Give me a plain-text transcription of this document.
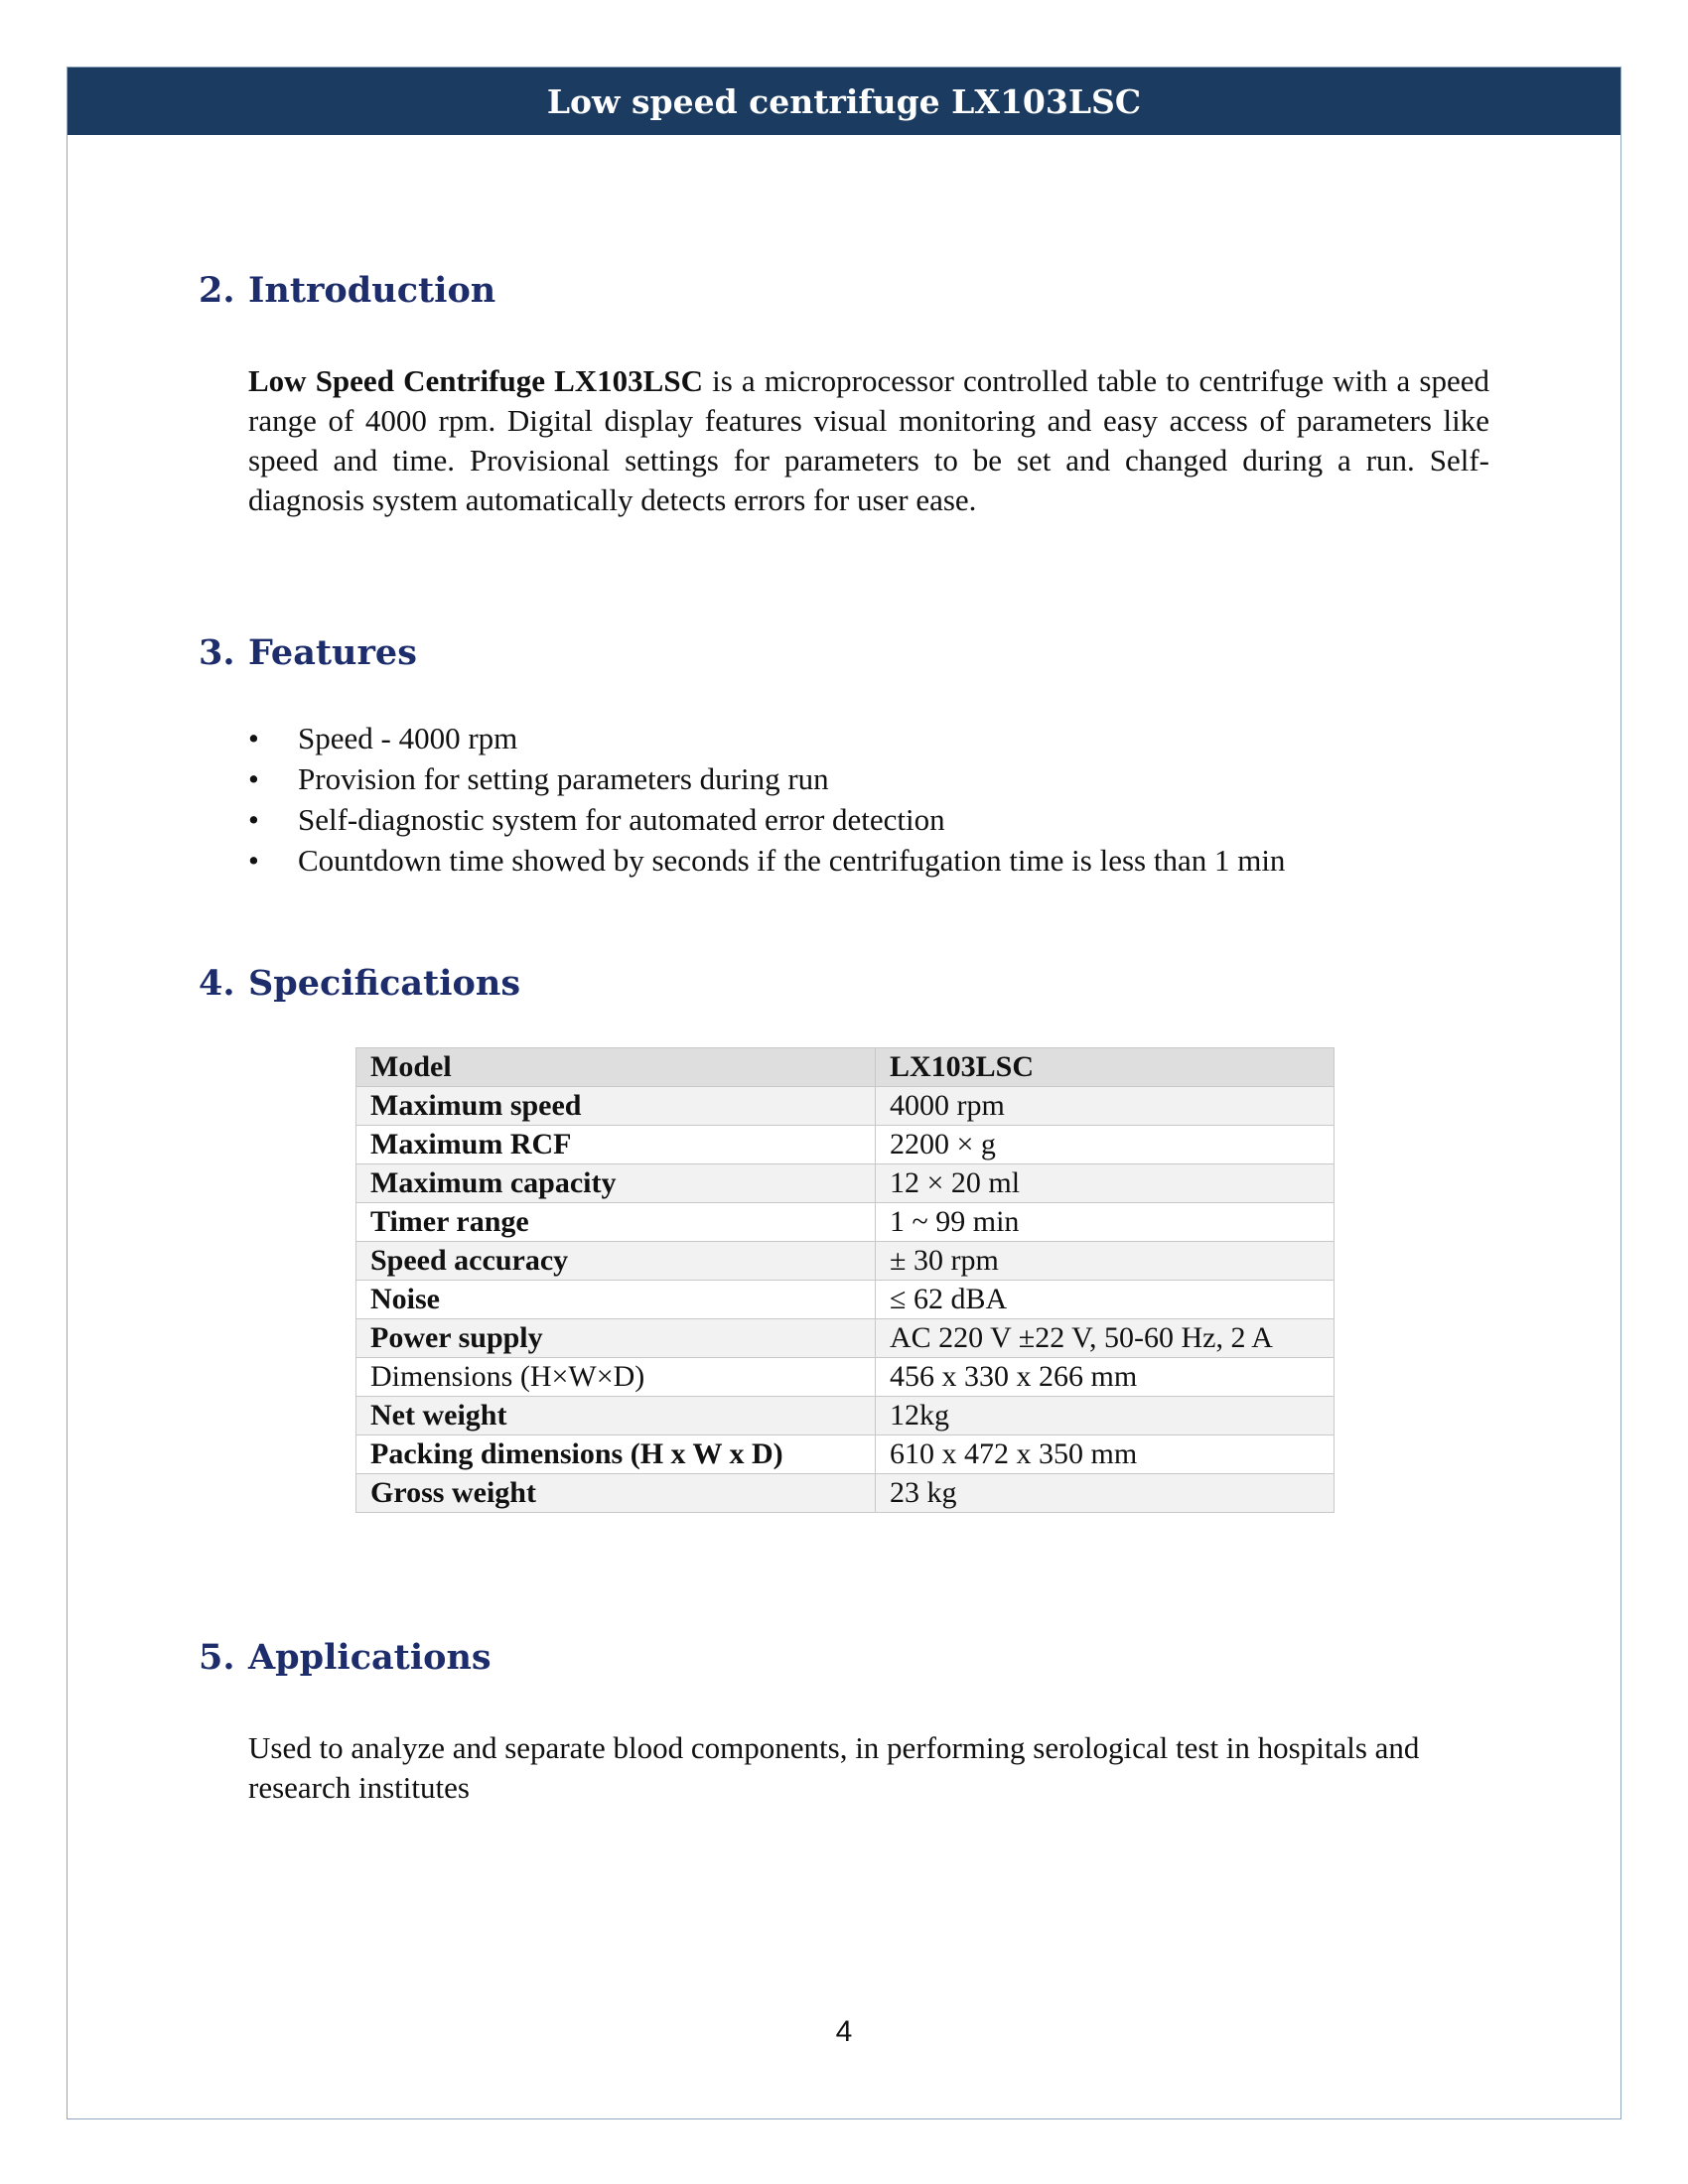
Low speed centrifuge LX103LSC
2. Introduction

Low Speed Centrifuge LX103LSC is a microprocessor controlled table to centrifuge with a speed range of 4000 rpm. Digital display features visual monitoring and easy access of parameters like speed and time. Provisional settings for parameters to be set and changed during a run. Self-diagnosis system automatically detects errors for user ease.

3. Features
•	Speed - 4000 rpm
•	Provision for setting parameters during run
•	Self-diagnostic system for automated error detection
•	Countdown time showed by seconds if the centrifugation time is less than 1 min
4. Specifications
Model	LX103LSC
Maximum speed	4000 rpm
Maximum RCF	2200 × g
Maximum capacity	12 × 20 ml
Timer range	1 ~ 99 min
Speed accuracy	± 30 rpm
Noise	≤ 62 dBA
Power supply	AC 220 V ±22 V, 50-60 Hz, 2 A
Dimensions (H×W×D)	456 x 330 x 266 mm
Net weight	12kg
Packing dimensions (H x W x D)	610 x 472 x 350 mm
Gross weight	23 kg
5. Applications

Used to analyze and separate blood components, in performing serological test in hospitals and research institutes

4
